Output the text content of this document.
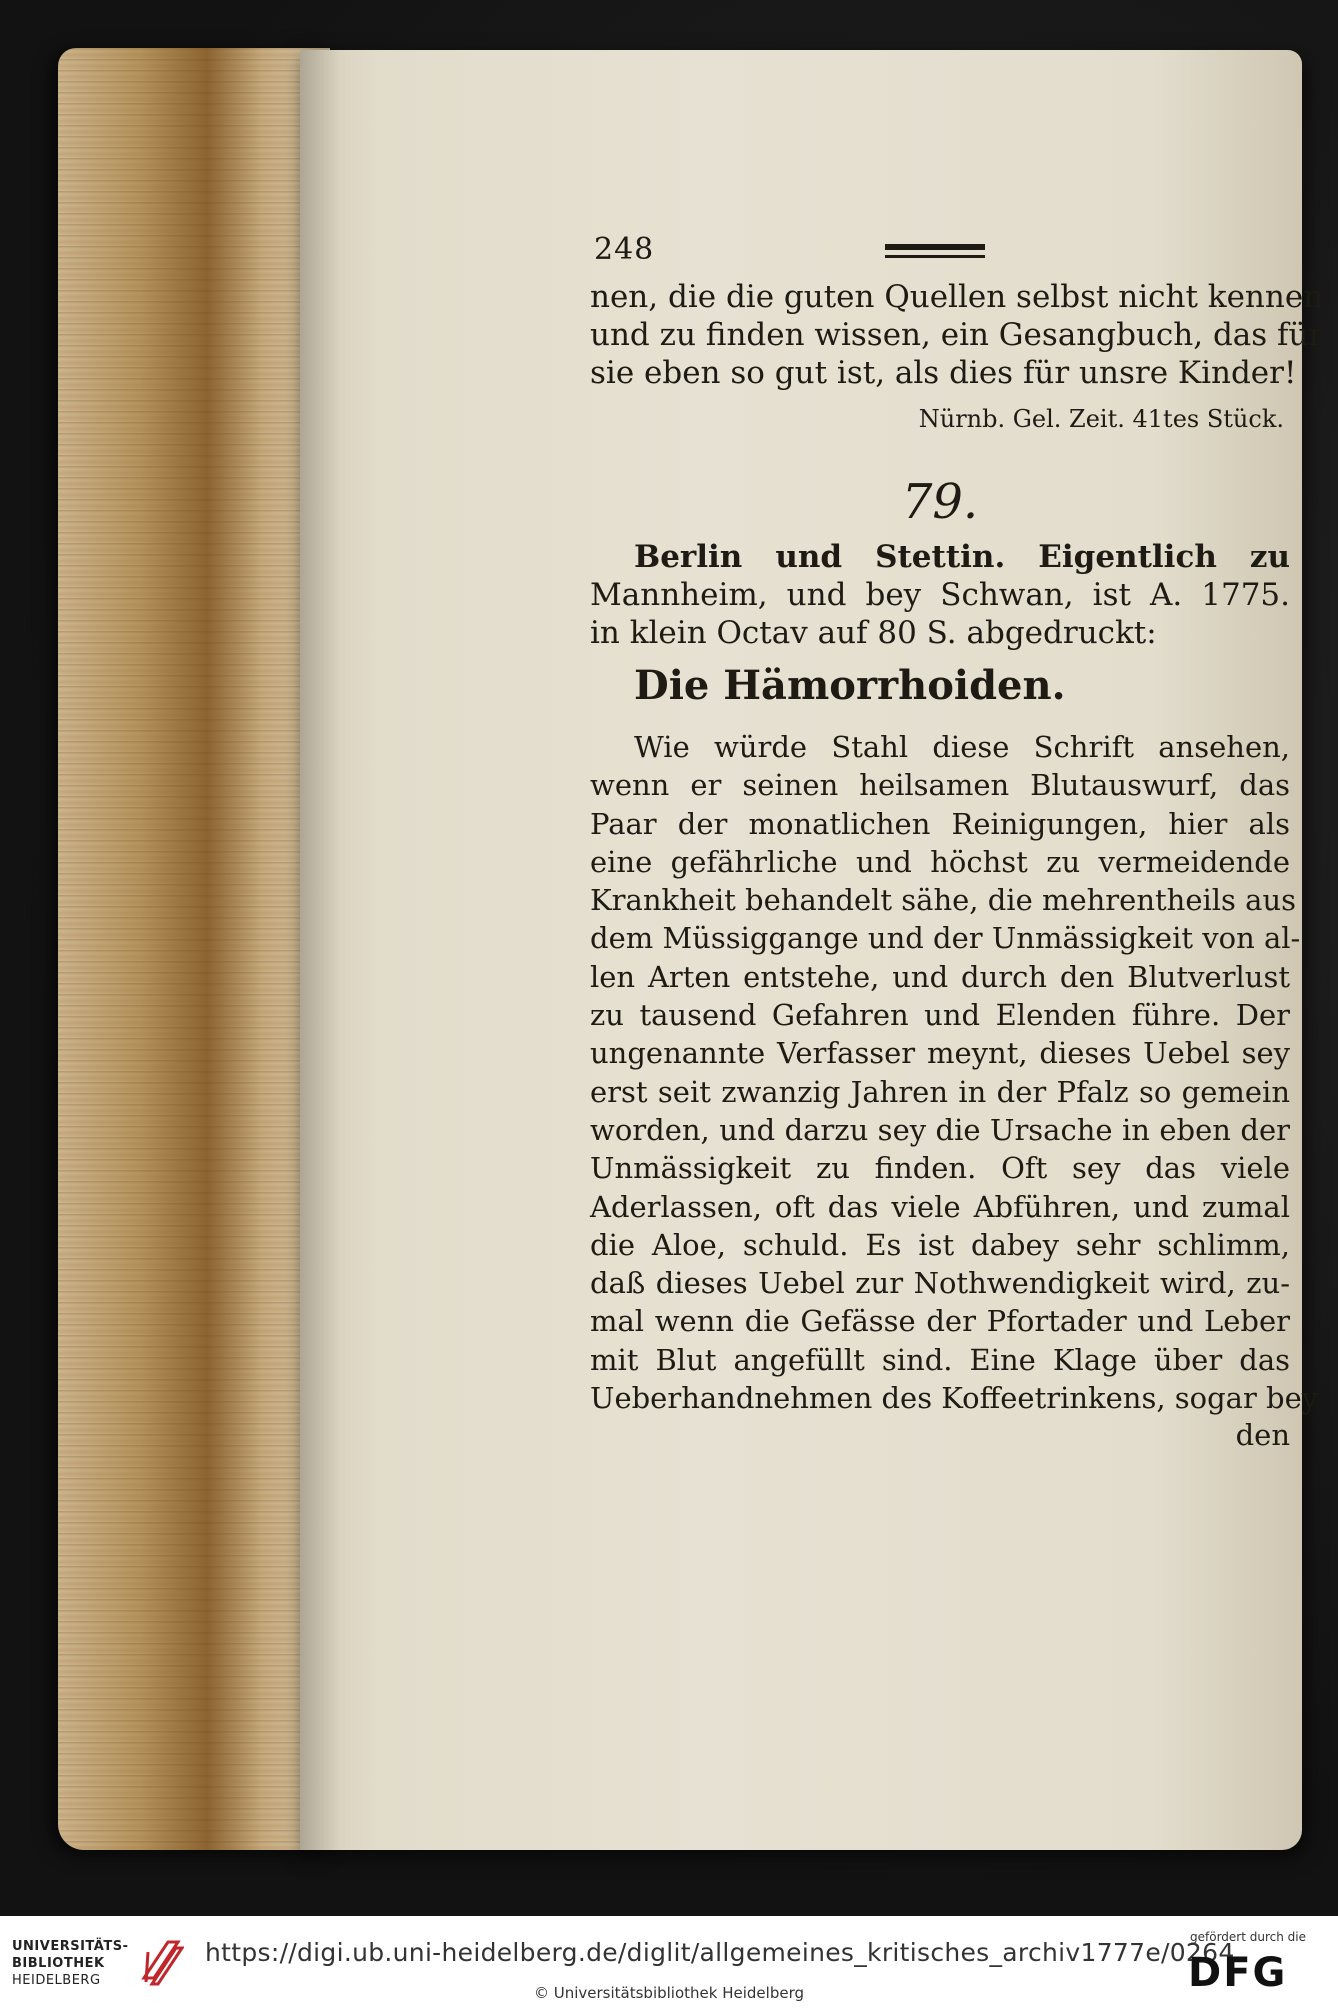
248

nen, die die guten Quellen selbst nicht kennen
und zu finden wissen, ein Gesangbuch, das für
sie eben so gut ist, als dies für unsre Kinder!

Nürnb. Gel. Zeit. 41tes Stück.

79.

Berlin und Stettin. Eigentlich zu
Mannheim, und bey Schwan, ist A. 1775.
in klein Octav auf 80 S. abgedruckt:

Die Hämorrhoiden.

Wie würde Stahl diese Schrift ansehen,
wenn er seinen heilsamen Blutauswurf, das
Paar der monatlichen Reinigungen, hier als
eine gefährliche und höchst zu vermeidende
Krankheit behandelt sähe, die mehrentheils aus
dem Müssiggange und der Unmässigkeit von al-
len Arten entstehe, und durch den Blutverlust
zu tausend Gefahren und Elenden führe. Der
ungenannte Verfasser meynt, dieses Uebel sey
erst seit zwanzig Jahren in der Pfalz so gemein
worden, und darzu sey die Ursache in eben der
Unmässigkeit zu finden. Oft sey das viele
Aderlassen, oft das viele Abführen, und zumal
die Aloe, schuld. Es ist dabey sehr schlimm,
daß dieses Uebel zur Nothwendigkeit wird, zu-
mal wenn die Gefässe der Pfortader und Leber
mit Blut angefüllt sind. Eine Klage über das
Ueberhandnehmen des Koffeetrinkens, sogar bey
den

UNIVERSITÄTS-
BIBLIOTHEK
HEIDELBERG
https://digi.ub.uni-heidelberg.de/diglit/allgemeines_kritisches_archiv1777e/0264
© Universitätsbibliothek Heidelberg
gefördert durch die
DFG
